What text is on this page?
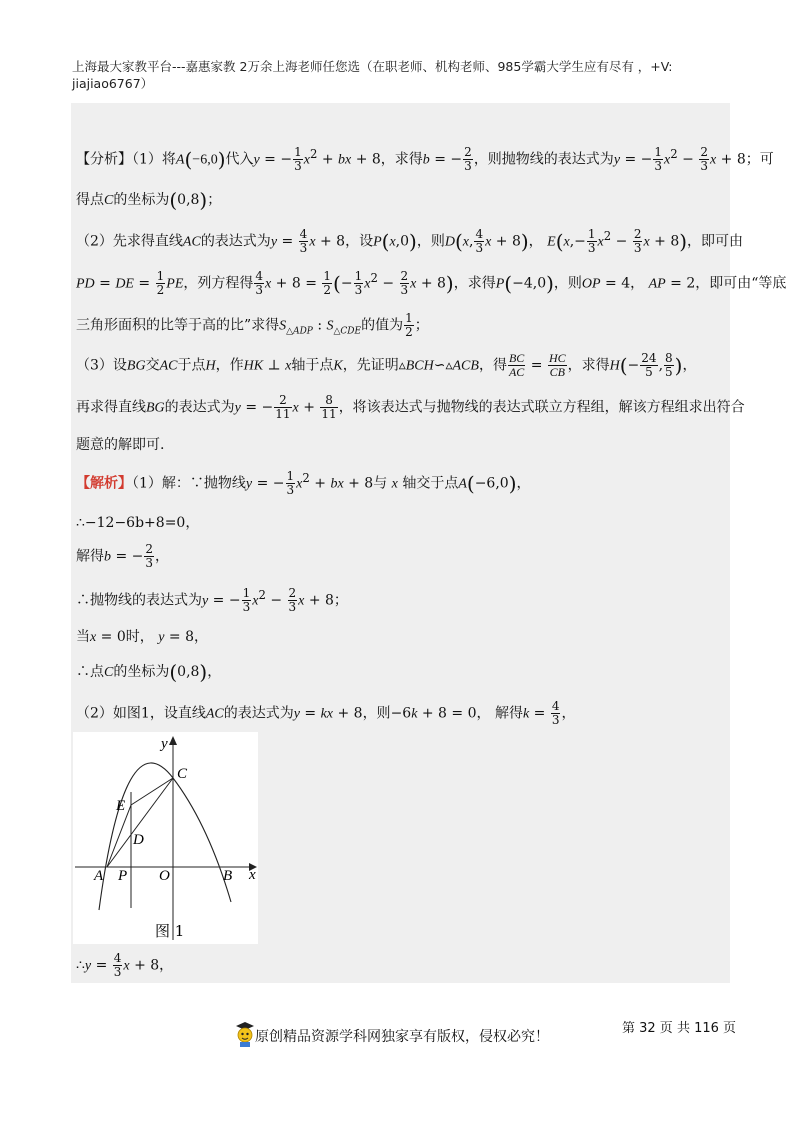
上海最大家教平台---嘉惠家教 2万余上海老师任您选（在职老师、机构老师、985学霸大学生应有尽有 ，+V:
jiajiao6767）
【分析】（1）将A(−6,0)代入y = − $\frac{1}{3} x^2$ + bx + 8，求得b = − $\frac{2}{3}$ ，则抛物线的表达式为y = − $\frac{1}{3} x^2 - \frac{2}{3}$ x + 8；可
得点C的坐标为(0,8)；
（2）先求得直线AC的表达式为$y = \frac{4}{3}$ x + 8，设P(x,0)，则D(x, $\frac{4}{3}$ x + 8)， $E(x,- \frac{1}{3} x^2 - \frac{2}{3}$ x + 8)，即可由
PD = DE = $\frac{1}{2}$ PE，列方程得 $\frac{4}{3}$ $x + 8 = \frac{1}{2}$ (− $\frac{1}{3} x^2 - \frac{2}{3}$ x + 8)，求得P(−4,0)，则OP = 4， AP = 2，即可由“等底
三角形面积的比等于高的比”求得$S_{\triangle ADP}$ : $S_{\triangle CDE}$的值为 $\frac{1}{2}$ ；
（3）设BG交AC于点H，作HK ⊥ x轴于点K，先证明▵BCH∽▵ACB，得 $\frac{BC}{AC} = \frac{HC}{CB}$ ，求得$H(- \frac{24}{5}$ , $\frac{8}{5}$ )，
再求得直线BG的表达式为y = − $\frac{2}{11}$ $x + \frac{8}{11}$ ，将该表达式与抛物线的表达式联立方程组，解该方程组求出符合
题意的解即可.
【解析】（1）解：∵抛物线y = − $\frac{1}{3} x^2$ + bx + 8与 x 轴交于点A(−6,0)，
∴−12−6b+8=0，
解得b = − $\frac{2}{3}$ ，
∴抛物线的表达式为y = − $\frac{1}{3} x^2 - \frac{2}{3}$ x + 8；
当x = 0时， y = 8，
∴点C的坐标为(0,8)，
（2）如图1，设直线AC的表达式为y = kx + 8，则−6k + 8 = 0， 解得$k = \frac{4}{3}$ ，
y
x
C
E
D
A P O	B
图 1
∴y = $\frac{4}{3}$ x + 8，
原创精品资源学科网独家享有版权，侵权必究！
第 32 页 共 116 页
